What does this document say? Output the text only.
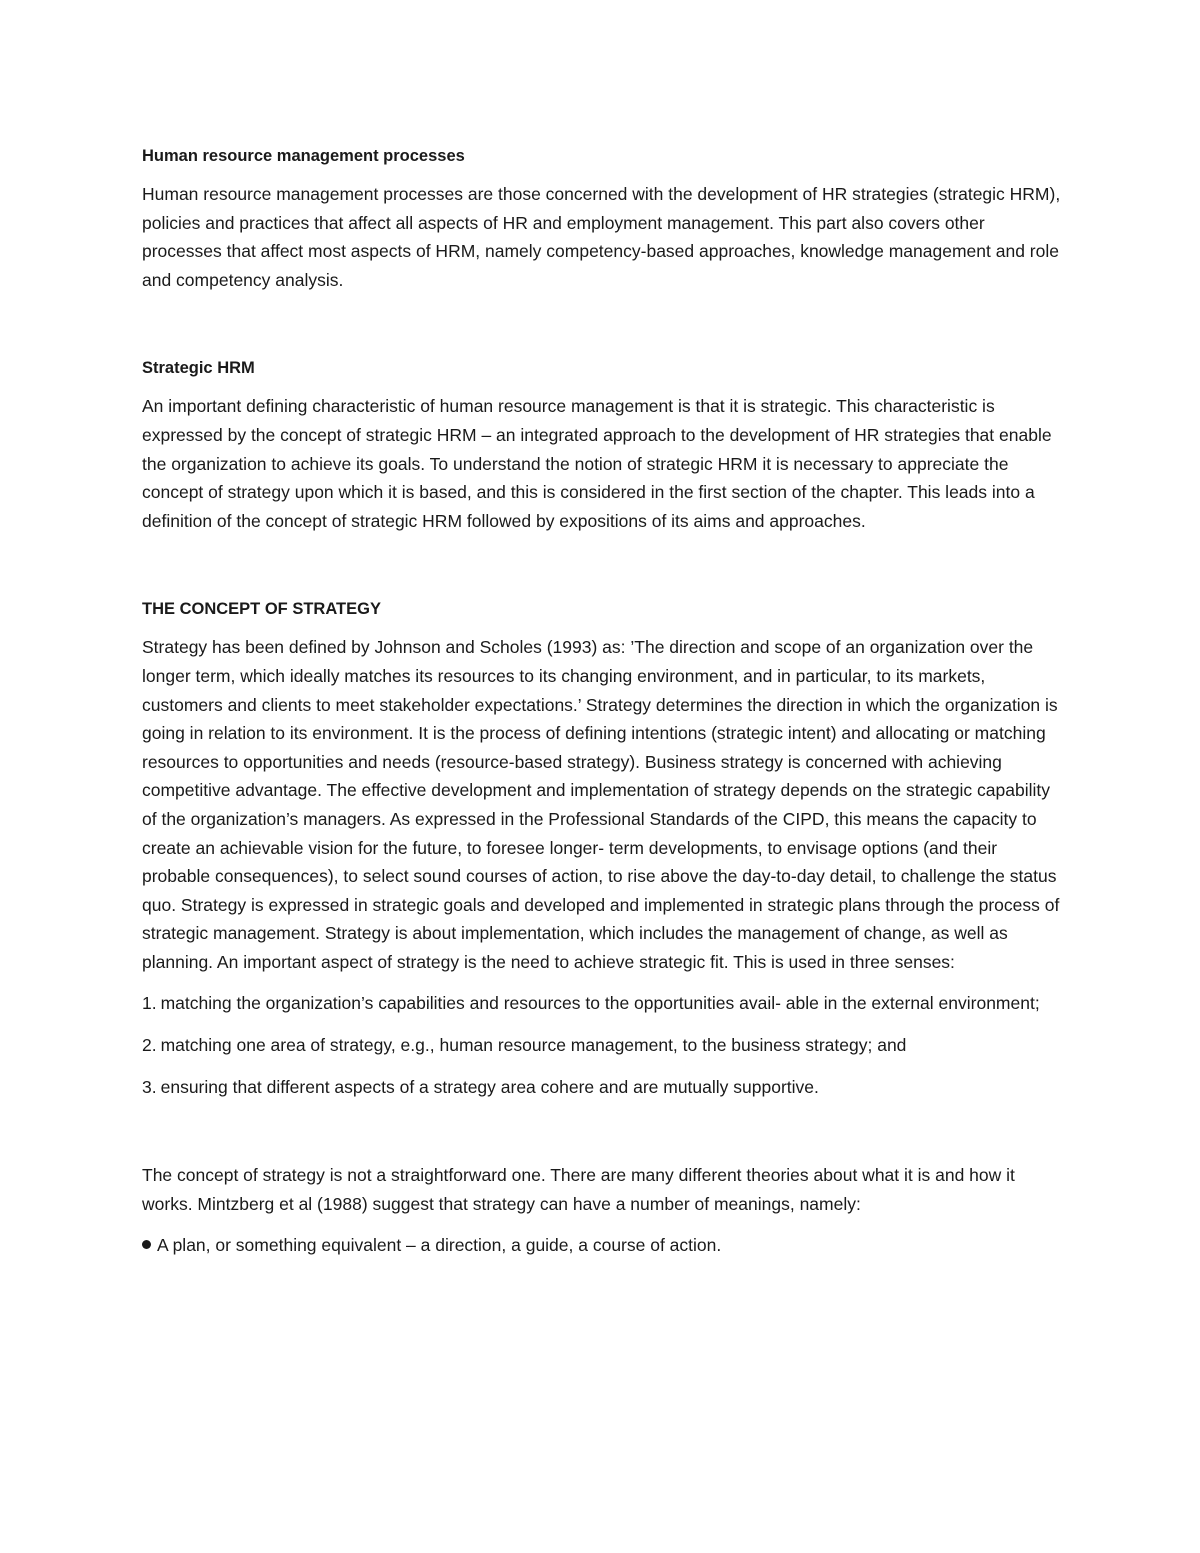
Human resource management processes

Human resource management processes are those concerned with the development of HR strategies (strategic HRM), policies and practices that affect all aspects of HR and employment management. This part also covers other processes that affect most aspects of HRM, namely competency-based approaches, knowledge management and role and competency analysis.

Strategic HRM

An important defining characteristic of human resource management is that it is strategic. This characteristic is expressed by the concept of strategic HRM – an integrated approach to the development of HR strategies that enable the organization to achieve its goals. To understand the notion of strategic HRM it is necessary to appreciate the concept of strategy upon which it is based, and this is considered in the first section of the chapter. This leads into a definition of the concept of strategic HRM followed by expositions of its aims and approaches.

THE CONCEPT OF STRATEGY

Strategy has been defined by Johnson and Scholes (1993) as: ’The direction and scope of an organization over the longer term, which ideally matches its resources to its changing environment, and in particular, to its markets, customers and clients to meet stakeholder expectations.’ Strategy determines the direction in which the organization is going in relation to its environment. It is the process of defining intentions (strategic intent) and allocating or matching resources to opportunities and needs (resource-based strategy). Business strategy is concerned with achieving competitive advantage. The effective development and implementation of strategy depends on the strategic capability of the organization’s managers. As expressed in the Professional Standards of the CIPD, this means the capacity to create an achievable vision for the future, to foresee longer- term developments, to envisage options (and their probable consequences), to select sound courses of action, to rise above the day-to-day detail, to challenge the status quo. Strategy is expressed in strategic goals and developed and implemented in strategic plans through the process of strategic management. Strategy is about implementation, which includes the management of change, as well as planning. An important aspect of strategy is the need to achieve strategic fit. This is used in three senses:

1. matching the organization’s capabilities and resources to the opportunities avail- able in the external environment;

2. matching one area of strategy, e.g., human resource management, to the business strategy; and

3. ensuring that different aspects of a strategy area cohere and are mutually supportive.

The concept of strategy is not a straightforward one. There are many different theories about what it is and how it works. Mintzberg et al (1988) suggest that strategy can have a number of meanings, namely:

A plan, or something equivalent – a direction, a guide, a course of action.
